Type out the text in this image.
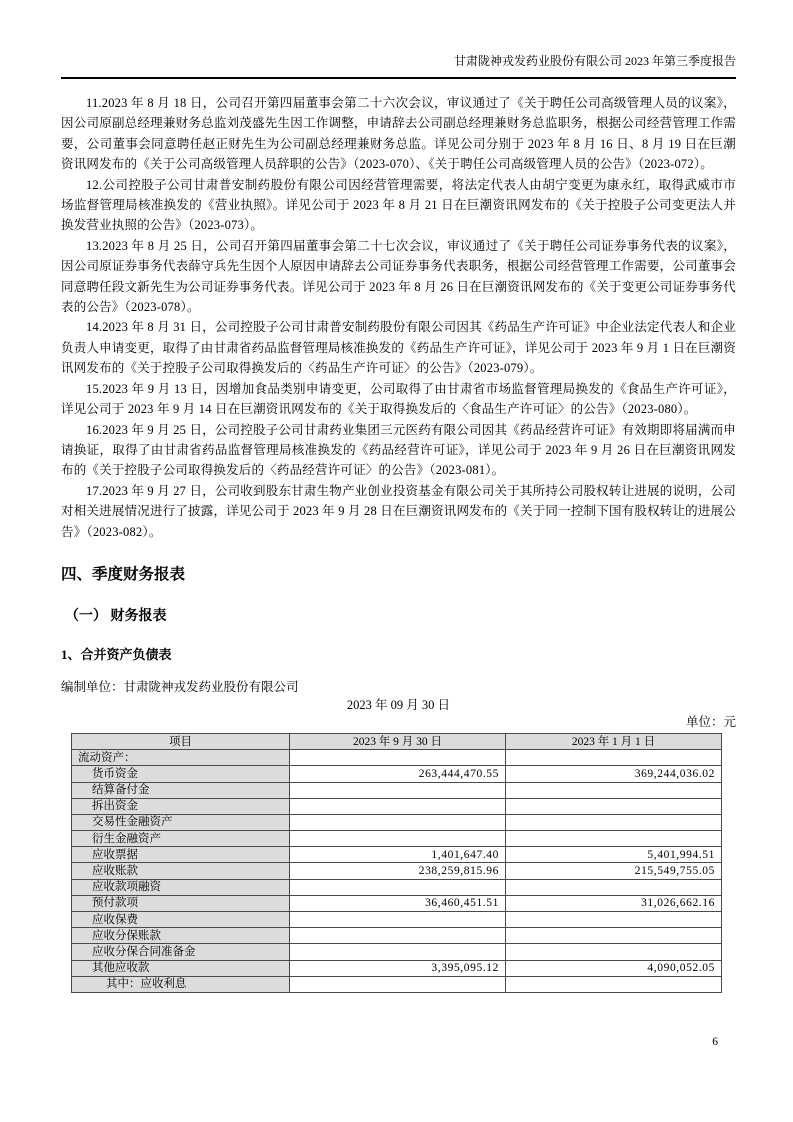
甘肃陇神戎发药业股份有限公司 2023 年第三季度报告

11.2023 年 8 月 18 日，公司召开第四届董事会第二十六次会议，审议通过了《关于聘任公司高级管理人员的议案》，因公司原副总经理兼财务总监刘茂盛先生因工作调整，申请辞去公司副总经理兼财务总监职务，根据公司经营管理工作需要，公司董事会同意聘任赵正财先生为公司副总经理兼财务总监。详见公司分别于 2023 年 8 月 16 日、8 月 19 日在巨潮资讯网发布的《关于公司高级管理人员辞职的公告》（2023-070）、《关于聘任公司高级管理人员的公告》（2023-072）。

12.公司控股子公司甘肃普安制药股份有限公司因经营管理需要，将法定代表人由胡宁变更为康永红，取得武威市市场监督管理局核准换发的《营业执照》。详见公司于 2023 年 8 月 21 日在巨潮资讯网发布的《关于控股子公司变更法人并换发营业执照的公告》（2023-073）。

13.2023 年 8 月 25 日，公司召开第四届董事会第二十七次会议，审议通过了《关于聘任公司证券事务代表的议案》，因公司原证券事务代表薛守兵先生因个人原因申请辞去公司证券事务代表职务，根据公司经营管理工作需要，公司董事会同意聘任段文新先生为公司证券事务代表。详见公司于 2023 年 8 月 26 日在巨潮资讯网发布的《关于变更公司证券事务代表的公告》（2023-078）。

14.2023 年 8 月 31 日，公司控股子公司甘肃普安制药股份有限公司因其《药品生产许可证》中企业法定代表人和企业负责人申请变更，取得了由甘肃省药品监督管理局核准换发的《药品生产许可证》，详见公司于 2023 年 9 月 1 日在巨潮资讯网发布的《关于控股子公司取得换发后的〈药品生产许可证〉的公告》（2023-079）。

15.2023 年 9 月 13 日，因增加食品类别申请变更，公司取得了由甘肃省市场监督管理局换发的《食品生产许可证》，详见公司于 2023 年 9 月 14 日在巨潮资讯网发布的《关于取得换发后的〈食品生产许可证〉的公告》（2023-080）。

16.2023 年 9 月 25 日，公司控股子公司甘肃药业集团三元医药有限公司因其《药品经营许可证》有效期即将届满而申请换证，取得了由甘肃省药品监督管理局核准换发的《药品经营许可证》，详见公司于 2023 年 9 月 26 日在巨潮资讯网发布的《关于控股子公司取得换发后的〈药品经营许可证〉的公告》（2023-081）。

17.2023 年 9 月 27 日，公司收到股东甘肃生物产业创业投资基金有限公司关于其所持公司股权转让进展的说明，公司对相关进展情况进行了披露，详见公司于 2023 年 9 月 28 日在巨潮资讯网发布的《关于同一控制下国有股权转让的进展公告》（2023-082）。

四、季度财务报表
（一） 财务报表
1、合并资产负债表
编制单位：甘肃陇神戎发药业股份有限公司
2023 年 09 月 30 日
单位：元
项目	2023 年 9 月 30 日	2023 年 1 月 1 日
流动资产：		
货币资金	263,444,470.55	369,244,036.02
结算备付金		
拆出资金		
交易性金融资产		
衍生金融资产		
应收票据	1,401,647.40	5,401,994.51
应收账款	238,259,815.96	215,549,755.05
应收款项融资		
预付款项	36,460,451.51	31,026,662.16
应收保费		
应收分保账款		
应收分保合同准备金		
其他应收款	3,395,095.12	4,090,052.05
其中：应收利息		
6
